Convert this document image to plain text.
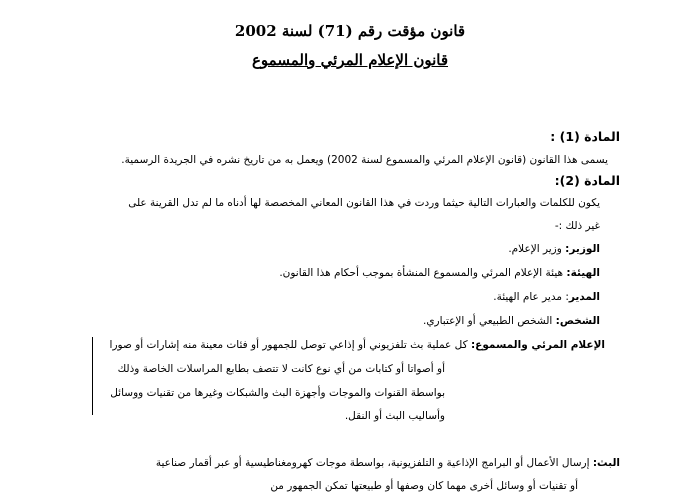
قانون مؤقت رقم (71) لسنة 2002
قانون الإعلام المرئي والمسموع
المادة (1) :
يسمى هذا القانون (قانون الإعلام المرئي والمسموع لسنة 2002) ويعمل به من تاريخ نشره في الجريدة الرسمية.
المادة (2):
يكون للكلمات والعبارات التالية حيثما وردت في هذا القانون المعاني المخصصة لها أدناه ما لم تدل القرينة على
غير ذلك :-
الوزير: وزير الإعلام.
الهيئة: هيئة الإعلام المرئي والمسموع المنشأة بموجب أحكام هذا القانون.
المدير: مدير عام الهيئة.
الشخص: الشخص الطبيعي أو الإعتباري.
الإعلام المرئي والمسموع: كل عملية بث تلفزيوني أو إذاعي توصل للجمهور أو فئات معينة منه إشارات أو صورا
أو أصواتا أو كتابات من أي نوع كانت لا تتصف بطابع المراسلات الخاصة وذلك
بواسطة القنوات والموجات وأجهزة البث والشبكات وغيرها من تقنيات ووسائل
وأساليب البث أو النقل.
البث: إرسال الأعمال أو البرامج الإذاعية و التلفزيونية، بواسطة موجات كهرومغناطيسية أو عبر أقمار صناعية
أو تقنيات أو وسائل أخرى مهما كان وصفها أو طبيعتها تمكن الجمهور من
